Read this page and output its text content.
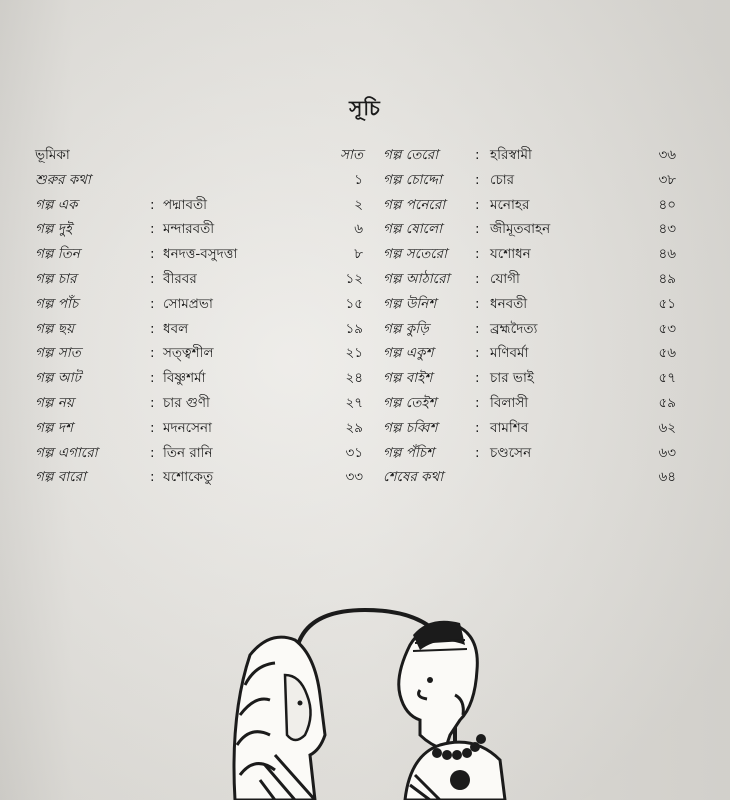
সূচি
ভূমিকা	সাত
শুরুর কথা	১
গল্প এক	: পদ্মাবতী	২
গল্প দুই	: মন্দারবতী	৬
গল্প তিন	: ধনদত্ত-বসুদত্তা	৮
গল্প চার	: বীরবর	১২
গল্প পাঁচ	: সোমপ্রভা	১৫
গল্প ছয়	: ধবল	১৯
গল্প সাত	: সত্ত্বশীল	২১
গল্প আট	: বিষ্ণুশর্মা	২৪
গল্প নয়	: চার গুণী	২৭
গল্প দশ	: মদনসেনা	২৯
গল্প এগারো	: তিন রানি	৩১
গল্প বারো	: যশোকেতু	৩৩
গল্প তেরো	: হরিস্বামী	৩৬
গল্প চোদ্দো : চোর	৩৮
গল্প পনেরো : মনোহর	৪০
গল্প ষোলো : জীমূতবাহন	৪৩
গল্প সতেরো : যশোধন	৪৬
গল্প আঠারো : যোগী	৪৯
গল্প উনিশ	: ধনবতী	৫১
গল্প কুড়ি	: ব্রহ্মদৈত্য	৫৩
গল্প একুশ	: মণিবর্মা	৫৬
গল্প বাইশ	: চার ভাই	৫৭
গল্প তেইশ	: বিলাসী	৫৯
গল্প চব্বিশ	: বামশিব	৬২
গল্প পঁচিশ	: চণ্ডসেন	৬৩
শেষের কথা	৬৪
